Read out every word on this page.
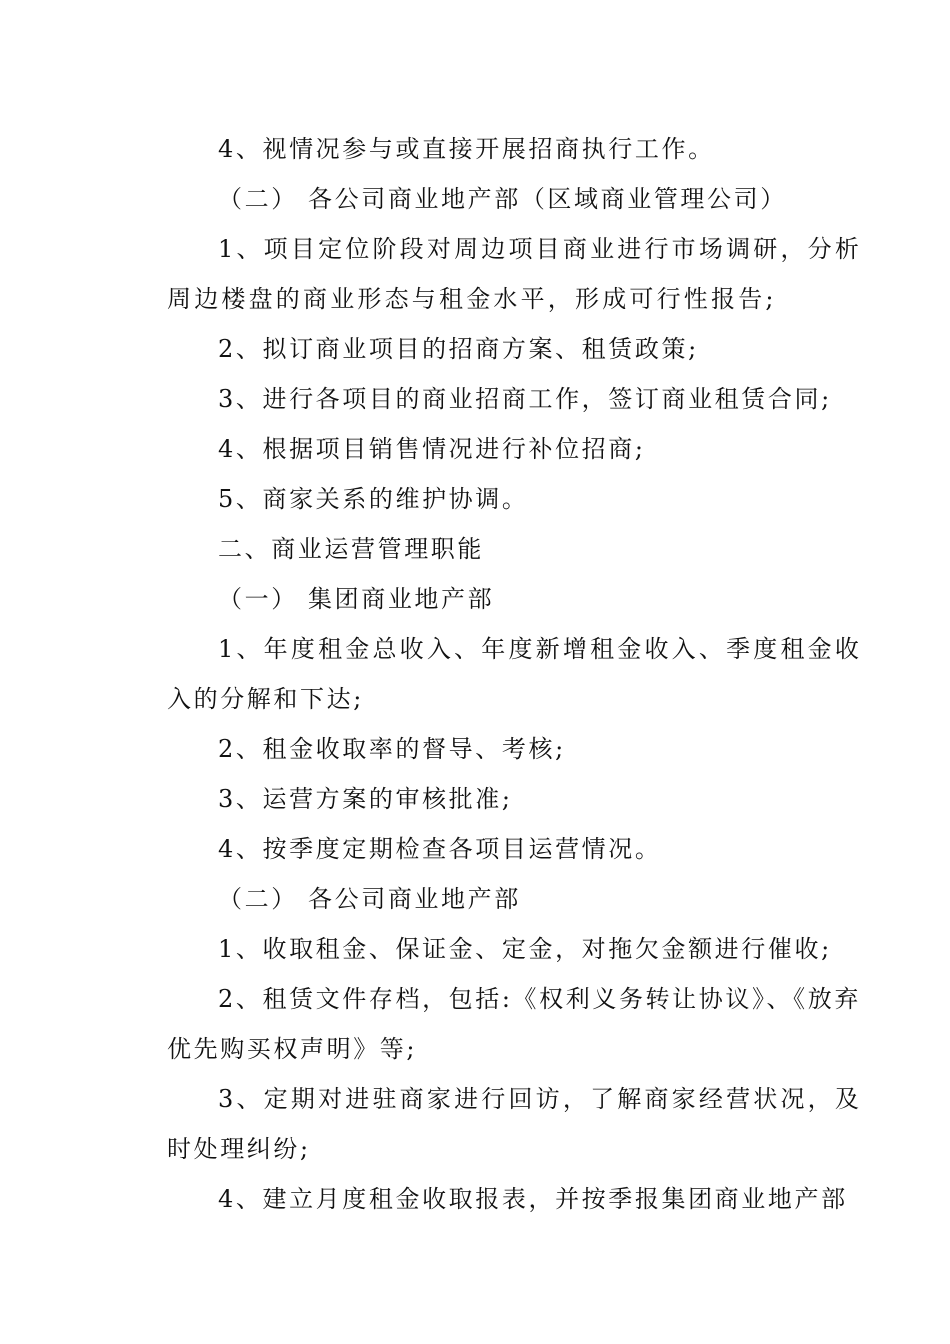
4、视情况参与或直接开展招商执行工作。
（二） 各公司商业地产部（区域商业管理公司）
1、项目定位阶段对周边项目商业进行市场调研，分析
周边楼盘的商业形态与租金水平，形成可行性报告;
2、拟订商业项目的招商方案、租赁政策;
3、进行各项目的商业招商工作，签订商业租赁合同;
4、根据项目销售情况进行补位招商;
5、商家关系的维护协调。
二、商业运营管理职能
（一） 集团商业地产部
1、年度租金总收入、年度新增租金收入、季度租金收
入的分解和下达;
2、租金收取率的督导、考核;
3、运营方案的审核批准;
4、按季度定期检查各项目运营情况。
（二） 各公司商业地产部
1、收取租金、保证金、定金，对拖欠金额进行催收;
2、租赁文件存档，包括:《权利义务转让协议》、《放弃
优先购买权声明》等;
3、定期对进驻商家进行回访，了解商家经营状况，及
时处理纠纷;
4、建立月度租金收取报表，并按季报集团商业地产部
